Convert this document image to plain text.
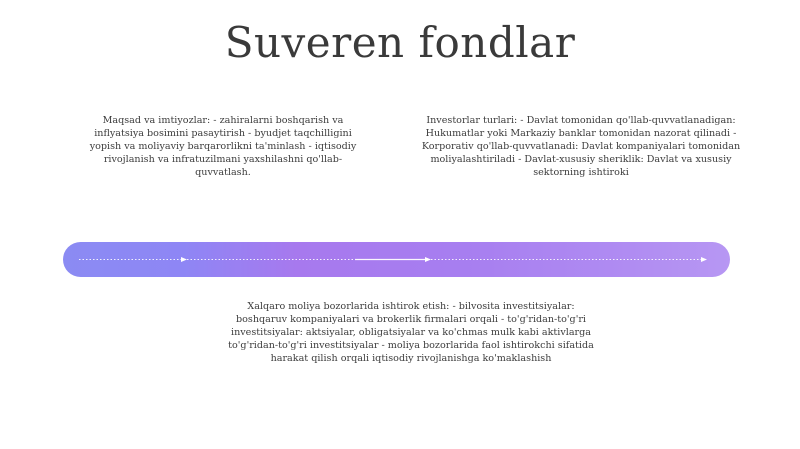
Suveren fondlar
Maqsad va imtiyozlar: - zahiralarni boshqarish va inflyatsiya bosimini pasaytirish - byudjet taqchilligini yopish va moliyaviy barqarorlikni ta'minlash - iqtisodiy rivojlanish va infratuzilmani yaxshilashni qo'llab-quvvatlash.
Investorlar turlari: - Davlat tomonidan qo'llab-quvvatlanadigan: Hukumatlar yoki Markaziy banklar tomonidan nazorat qilinadi - Korporativ qo'llab-quvvatlanadi: Davlat kompaniyalari tomonidan moliyalashtiriladi - Davlat-xususiy sheriklik: Davlat va xususiy sektorning ishtiroki
Xalqaro moliya bozorlarida ishtirok etish: - bilvosita investitsiyalar: boshqaruv kompaniyalari va brokerlik firmalari orqali - to'g'ridan-to'g'ri investitsiyalar: aktsiyalar, obligatsiyalar va ko'chmas mulk kabi aktivlarga to'g'ridan-to'g'ri investitsiyalar - moliya bozorlarida faol ishtirokchi sifatida harakat qilish orqali iqtisodiy rivojlanishga ko'maklashish
